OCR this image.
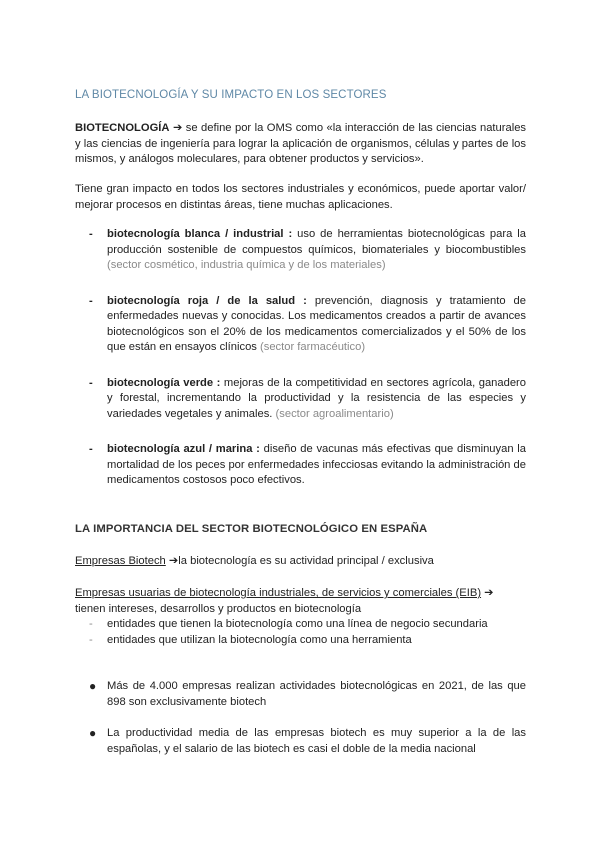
LA BIOTECNOLOGÍA Y SU IMPACTO EN LOS SECTORES

BIOTECNOLOGÍA ➔ se define por la OMS como «la interacción de las ciencias naturales y las ciencias de ingeniería para lograr la aplicación de organismos, células y partes de los mismos, y análogos moleculares, para obtener productos y servicios».

Tiene gran impacto en todos los sectores industriales y económicos, puede aportar valor/ mejorar procesos en distintas áreas, tiene muchas aplicaciones.

- biotecnología blanca / industrial : uso de herramientas biotecnológicas para la producción sostenible de compuestos químicos, biomateriales y biocombustibles (sector cosmético, industria química y de los materiales)

- biotecnología roja / de la salud : prevención, diagnosis y tratamiento de enfermedades nuevas y conocidas. Los medicamentos creados a partir de avances biotecnológicos son el 20% de los medicamentos comercializados y el 50% de los que están en ensayos clínicos (sector farmacéutico)

- biotecnología verde : mejoras de la competitividad en sectores agrícola, ganadero y forestal, incrementando la productividad y la resistencia de las especies y variedades vegetales y animales. (sector agroalimentario)

- biotecnología azul / marina : diseño de vacunas más efectivas que disminuyan la mortalidad de los peces por enfermedades infecciosas evitando la administración de medicamentos costosos poco efectivos.

LA IMPORTANCIA DEL SECTOR BIOTECNOLÓGICO EN ESPAÑA
Empresas Biotech ➔la biotecnología es su actividad principal / exclusiva
Empresas usuarias de biotecnología industriales, de servicios y comerciales (EIB) ➔
tienen intereses, desarrollos y productos en biotecnología
- entidades que tienen la biotecnología como una línea de negocio secundaria
- entidades que utilizan la biotecnología como una herramienta
● Más de 4.000 empresas realizan actividades biotecnológicas en 2021, de las que 898 son exclusivamente biotech
● La productividad media de las empresas biotech es muy superior a la de las españolas, y el salario de las biotech es casi el doble de la media nacional
